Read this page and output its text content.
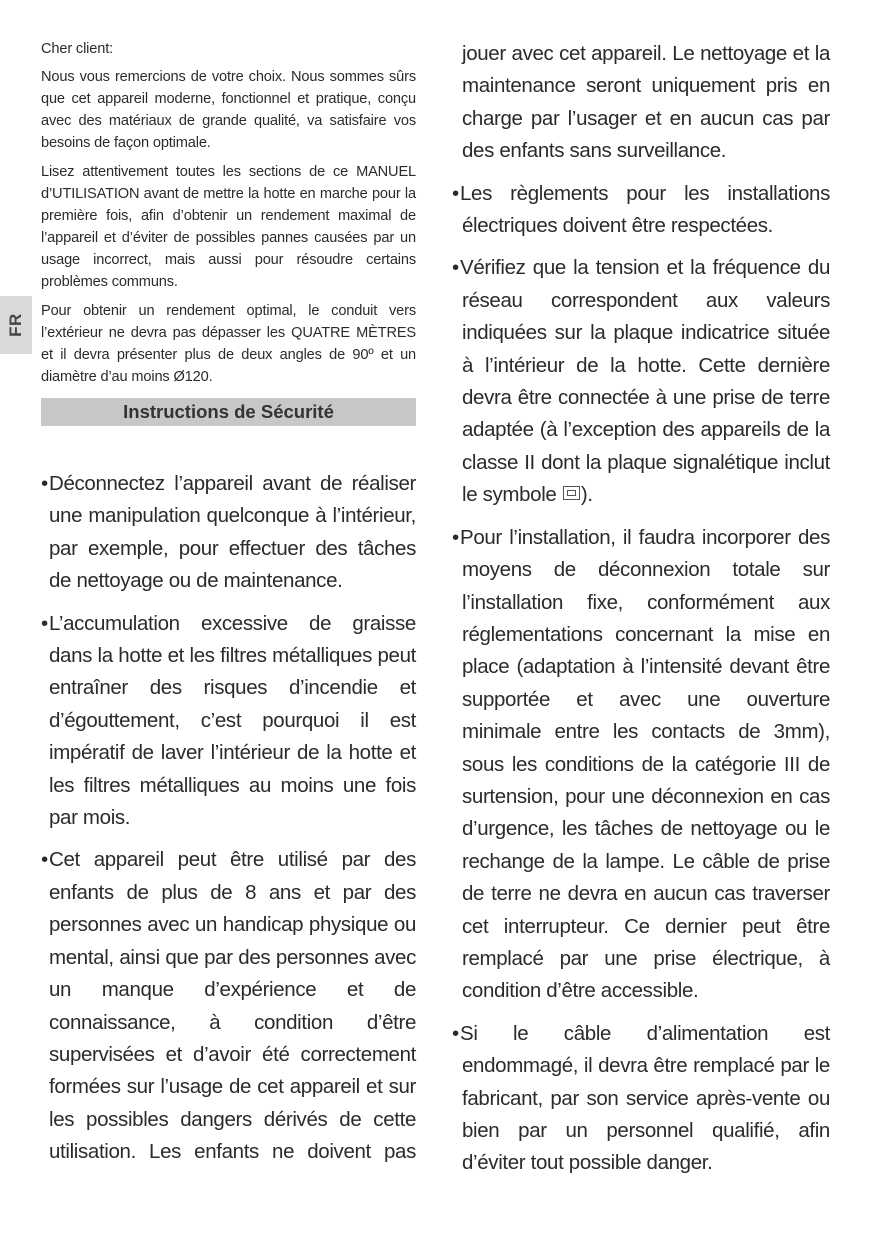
FR

Cher client:

Nous vous remercions de votre choix. Nous sommes sûrs que cet appareil moderne, fonctionnel et pratique, conçu avec des matériaux de grande qualité, va satisfaire vos besoins de façon optimale.

Lisez attentivement toutes les sections de ce MANUEL d’UTILISATION avant de mettre la hotte en marche pour la première fois, afin d’obtenir un rendement maximal de l’appareil et d’éviter de possibles pannes causées par un usage incorrect, mais aussi pour résoudre certains problèmes communs.

Pour obtenir un rendement optimal, le conduit vers l’extérieur ne devra pas dépasser les QUATRE MÈTRES et il devra présenter plus de deux angles de 90º et un diamètre d’au moins Ø120.

Instructions de Sécurité
•Déconnectez l’appareil avant de réaliser une manipulation quelconque à l’intérieur, par exemple, pour effectuer des tâches de nettoyage ou de maintenance.
•L’accumulation excessive de graisse dans la hotte et les filtres métalliques peut entraîner des risques d’incendie et d’égouttement, c’est pourquoi il est impératif de laver l’intérieur de la hotte et les filtres métalliques au moins une fois par mois.
•Cet appareil peut être utilisé par des enfants de plus de 8 ans et par des personnes avec un handicap physique ou mental, ainsi que par des personnes avec un manque d’expérience et de connaissance, à condition d’être supervisées et d’avoir été correctement formées sur l’usage de cet appareil et sur les possibles dangers dérivés de cette utilisation. Les enfants ne doivent pas
jouer avec cet appareil. Le nettoyage et la maintenance seront uniquement pris en charge par l’usager et en aucun cas par des enfants sans surveillance.
•Les règlements pour les installations électriques doivent être respectées.
•Vérifiez que la tension et la fréquence du réseau correspondent aux valeurs indiquées sur la plaque indicatrice située à l’intérieur de la hotte. Cette dernière devra être connectée à une prise de terre adaptée (à l’exception des appareils de la classe II dont la plaque signalétique inclut le symbole ).
•Pour l’installation, il faudra incorporer des moyens de déconnexion totale sur l’installation fixe, conformément aux réglementations concernant la mise en place (adaptation à l’intensité devant être supportée et avec une ouverture minimale entre les contacts de 3mm), sous les conditions de la catégorie III de surtension, pour une déconnexion en cas d’urgence, les tâches de nettoyage ou le rechange de la lampe. Le câble de prise de terre ne devra en aucun cas traverser cet interrupteur. Ce dernier peut être remplacé par une prise électrique, à condition d’être accessible.
•Si le câble d’alimentation est endommagé, il devra être remplacé par le fabricant, par son service après-vente ou bien par un personnel qualifié, afin d’éviter tout possible danger.
